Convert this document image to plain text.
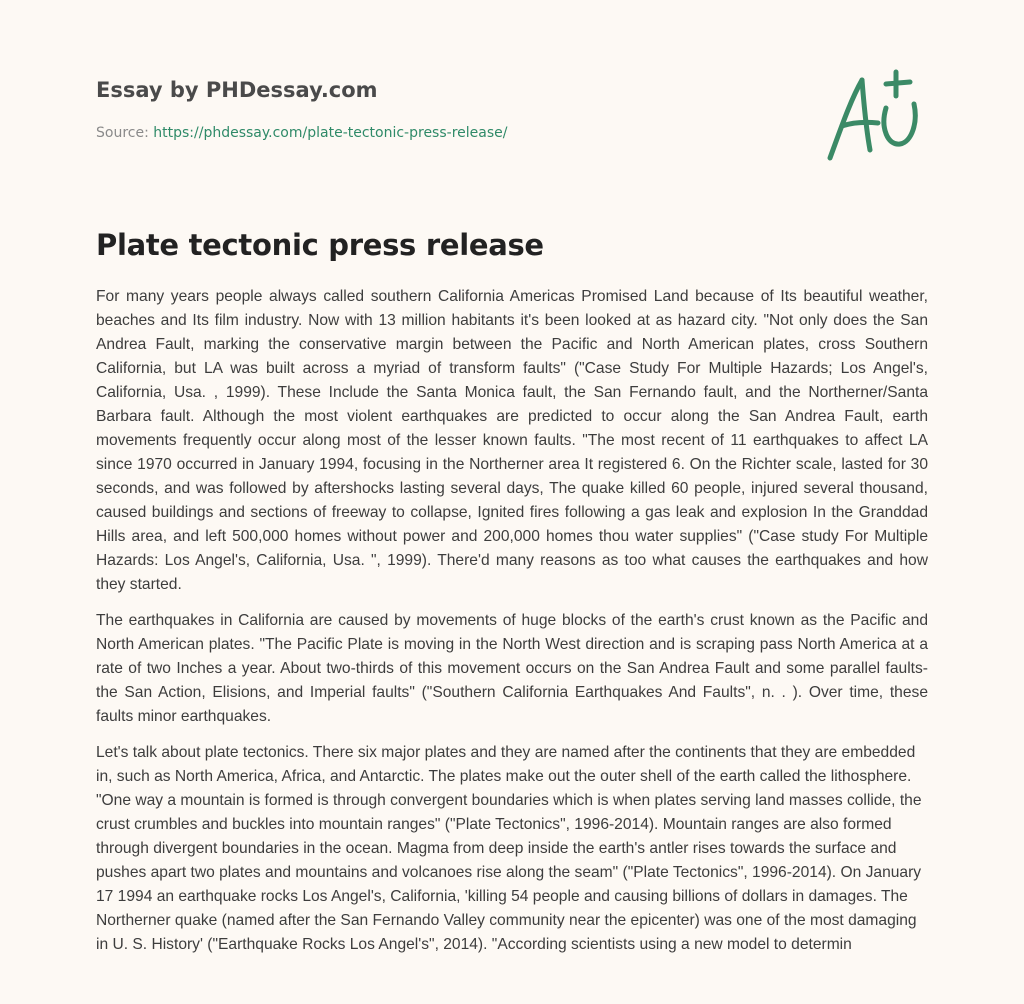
Essay by PHDessay.com
Source: https://phdessay.com/plate-tectonic-press-release/
Plate tectonic press release

For many years people always called southern California Americas Promised Land because of Its beautiful weather, beaches and Its film industry. Now with 13 million habitants it's been looked at as hazard city. "Not only does the San Andrea Fault, marking the conservative margin between the Pacific and North American plates, cross Southern California, but LA was built across a myriad of transform faults" ("Case Study For Multiple Hazards; Los Angel's, California, Usa. , 1999). These Include the Santa Monica fault, the San Fernando fault, and the Northerner/Santa Barbara fault. Although the most violent earthquakes are predicted to occur along the San Andrea Fault, earth movements frequently occur along most of the lesser known faults. "The most recent of 11 earthquakes to affect LA since 1970 occurred in January 1994, focusing in the Northerner area It registered 6. On the Richter scale, lasted for 30 seconds, and was followed by aftershocks lasting several days, The quake killed 60 people, injured several thousand, caused buildings and sections of freeway to collapse, Ignited fires following a gas leak and explosion In the Granddad Hills area, and left 500,000 homes without power and 200,000 homes thou water supplies" ("Case study For Multiple Hazards: Los Angel's, California, Usa. ", 1999). There'd many reasons as too what causes the earthquakes and how they started.

The earthquakes in California are caused by movements of huge blocks of the earth's crust known as the Pacific and North American plates. "The Pacific Plate is moving in the North West direction and is scraping pass North America at a rate of two Inches a year. About two-thirds of this movement occurs on the San Andrea Fault and some parallel faults- the San Action, Elisions, and Imperial faults" ("Southern California Earthquakes And Faults", n. . ). Over time, these faults minor earthquakes.

Let's talk about plate tectonics. There six major plates and they are named after the continents that they are embedded in, such as North America, Africa, and Antarctic. The plates make out the outer shell of the earth called the lithosphere. "One way a mountain is formed is through convergent boundaries which is when plates serving land masses collide, the crust crumbles and buckles into mountain ranges" ("Plate Tectonics", 1996-2014). Mountain ranges are also formed through divergent boundaries in the ocean. Magma from deep inside the earth's antler rises towards the surface and pushes apart two plates and mountains and volcanoes rise along the seam" ("Plate Tectonics", 1996-2014). On January 17 1994 an earthquake rocks Los Angel's, California, 'killing 54 people and causing billions of dollars in damages. The Northerner quake (named after the San Fernando Valley community near the epicenter) was one of the most damaging in U. S. History' ("Earthquake Rocks Los Angel's", 2014). "According scientists using a new model to determin
